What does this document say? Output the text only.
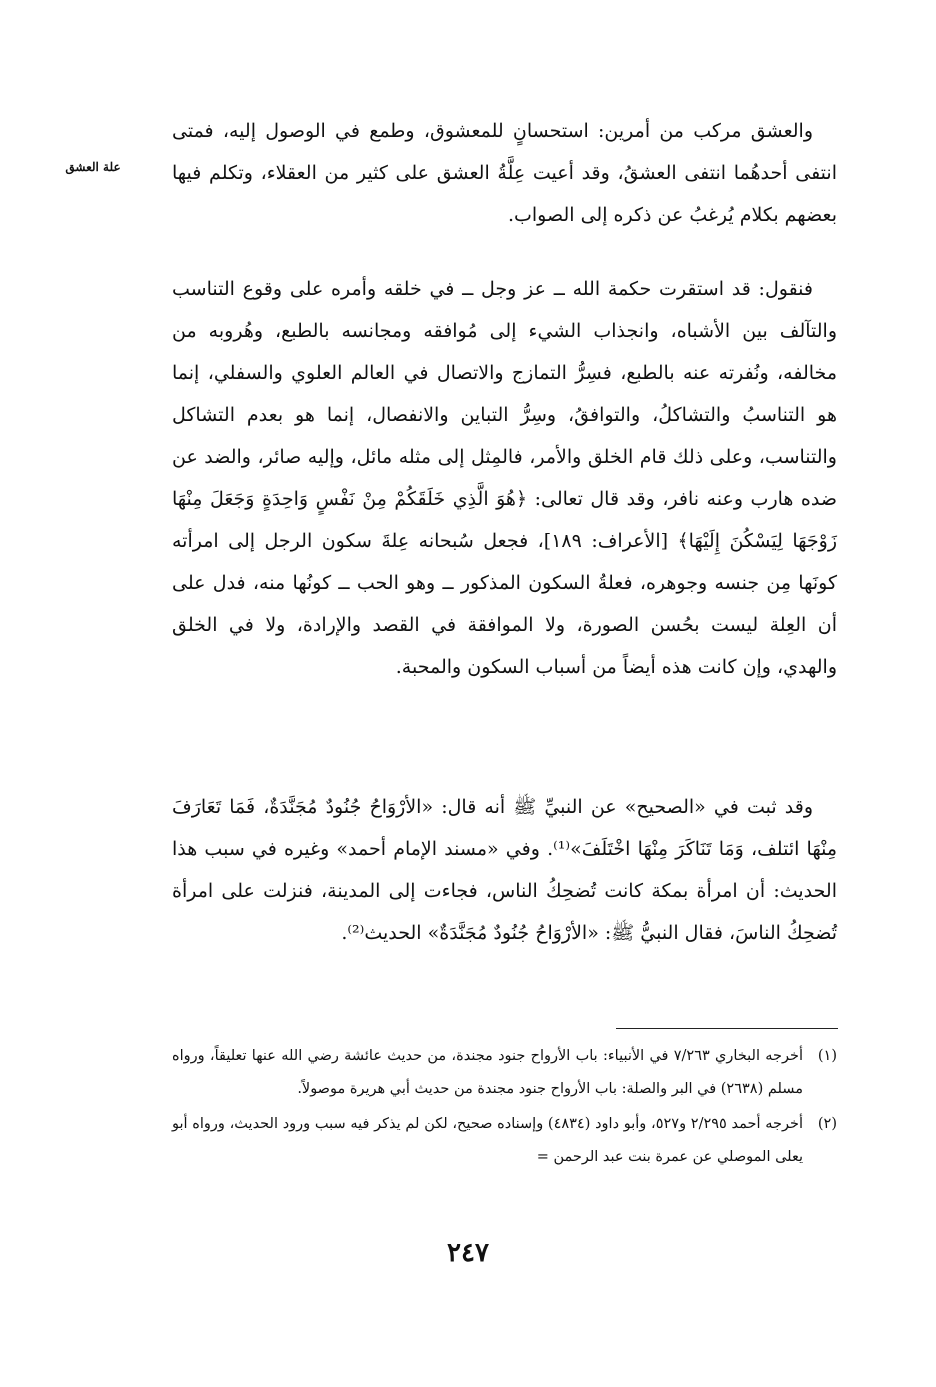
علة العشق

والعشق مركب من أمرين: استحسانٍ للمعشوق، وطمع في الوصول إليه، فمتى انتفى أحدهُما انتفى العشقُ، وقد أعيت عِلَّةُ العشق على كثير من العقلاء، وتكلم فيها بعضهم بكلام يُرغبُ عن ذكره إلى الصواب.

فنقول: قد استقرت حكمة الله ــ عز وجل ــ في خلقه وأمره على وقوع التناسب والتآلف بين الأشباه، وانجذاب الشيء إلى مُوافقه ومجانسه بالطبع، وهُروبه من مخالفه، ونُفرته عنه بالطبع، فسِرُّ التمازج والاتصال في العالم العلوي والسفلي، إنما هو التناسبُ والتشاكلُ، والتوافقُ، وسِرُّ التباين والانفصال، إنما هو بعدم التشاكل والتناسب، وعلى ذلك قام الخلق والأمر، فالمِثل إلى مثله مائل، وإليه صائر، والضد عن ضده هارب وعنه نافر، وقد قال تعالى: ﴿هُوَ الَّذِي خَلَقَكُمْ مِنْ نَفْسٍ وَاحِدَةٍ وَجَعَلَ مِنْهَا زَوْجَهَا لِيَسْكُنَ إِلَيْهَا﴾ [الأعراف: ١٨٩]، فجعل سُبحانه عِلةَ سكون الرجل إلى امرأته كونَها مِن جنسه وجوهره، فعلةُ السكون المذكور ــ وهو الحب ــ كونُها منه، فدل على أن العِلة ليست بحُسن الصورة، ولا الموافقة في القصد والإرادة، ولا في الخلق والهدي، وإن كانت هذه أيضاً من أسباب السكون والمحبة.

وقد ثبت في «الصحيح» عن النبيِّ ﷺ أنه قال: «الأرْوَاحُ جُنُودٌ مُجَنَّدَةٌ، فَمَا تَعَارَفَ مِنْهَا ائتلف، وَمَا تَنَاكَرَ مِنْهَا اخْتَلَفَ»⁽¹⁾. وفي «مسند الإمام أحمد» وغيره في سبب هذا الحديث: أن امرأة بمكة كانت تُضحِكُ الناس، فجاءت إلى المدينة، فنزلت على امرأة تُضحِكُ الناسَ، فقال النبيُّ ﷺ: «الأرْوَاحُ جُنُودٌ مُجَنَّدَةٌ» الحديث⁽²⁾.

(١)
أخرجه البخاري ٧/٢٦٣ في الأنبياء: باب الأرواح جنود مجندة، من حديث عائشة رضي الله عنها تعليقاً، ورواه مسلم (٢٦٣٨) في البر والصلة: باب الأرواح جنود مجندة من حديث أبي هريرة موصولاً.
(٢)
أخرجه أحمد ٢/٢٩٥ و٥٢٧، وأبو داود (٤٨٣٤) وإسناده صحيح، لكن لم يذكر فيه سبب ورود الحديث، ورواه أبو يعلى الموصلي عن عمرة بنت عبد الرحمن =
٢٤٧
